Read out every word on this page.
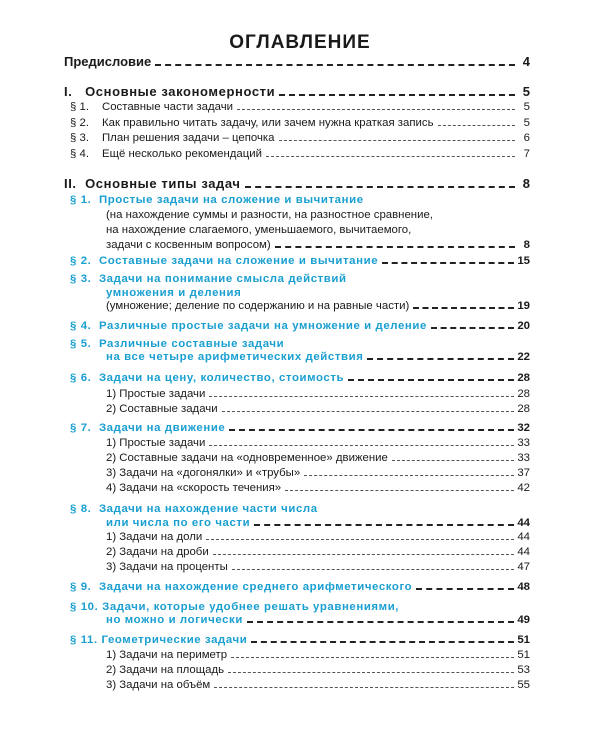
ОГЛАВЛЕНИЕ
Предисловие	4
I. Основные закономерности	5
§ 1.	Составные части задачи	5
§ 2.	Как правильно читать задачу, или зачем нужна краткая запись	5
§ 3.	План решения задачи – цепочка	6
§ 4.	Ещё несколько рекомендаций	7
II. Основные типы задач	8
§ 1. Простые задачи на сложение и вычитание
(на нахождение суммы и разности, на разностное сравнение,
на нахождение слагаемого, уменьшаемого, вычитаемого,
задачи с косвенным вопросом)	8
§ 2. Составные задачи на сложение и вычитание	15
§ 3. Задачи на понимание смысла действий
умножения и деления
(умножение; деление по содержанию и на равные части)	19
§ 4. Различные простые задачи на умножение и деление	20
§ 5. Различные составные задачи
на все четыре арифметических действия	22
§ 6. Задачи на цену, количество, стоимость	28
1) Простые задачи	28
2) Составные задачи	28
§ 7. Задачи на движение	32
1) Простые задачи	33
2) Составные задачи на «одновременное» движение	33
3) Задачи на «догонялки» и «трубы»	37
4) Задачи на «скорость течения»	42
§ 8. Задачи на нахождение части числа
или числа по его части	44
1) Задачи на доли	44
2) Задачи на дроби	44
3) Задачи на проценты	47
§ 9. Задачи на нахождение среднего арифметического	48
§ 10. Задачи, которые удобнее решать уравнениями,
но можно и логически	49
§ 11. Геометрические задачи	51
1) Задачи на периметр	51
2) Задачи на площадь	53
3) Задачи на объём	55
